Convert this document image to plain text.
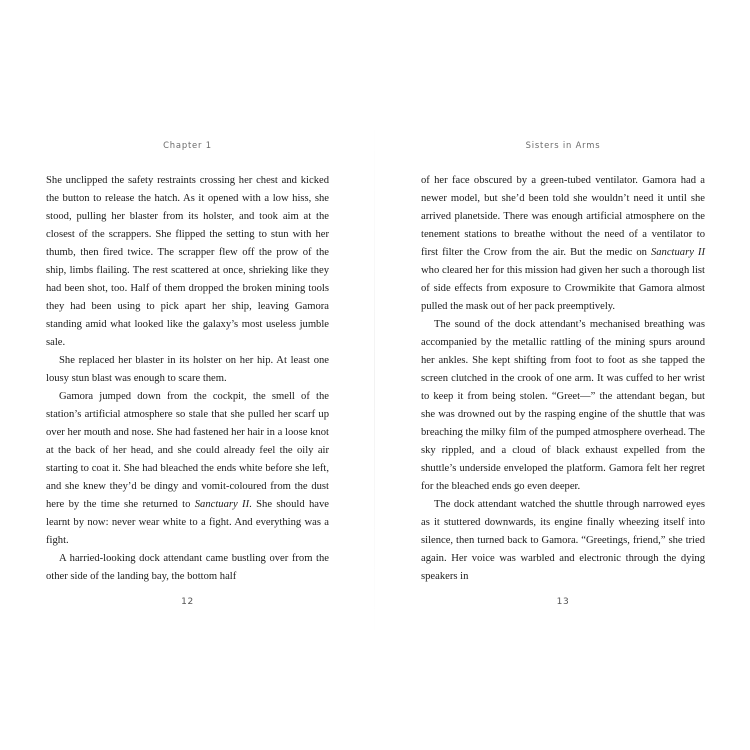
Chapter 1

She unclipped the safety restraints crossing her chest and kicked the button to release the hatch. As it opened with a low hiss, she stood, pulling her blaster from its holster, and took aim at the closest of the scrappers. She flipped the setting to stun with her thumb, then fired twice. The scrapper flew off the prow of the ship, limbs flailing. The rest scattered at once, shrieking like they had been shot, too. Half of them dropped the broken mining tools they had been using to pick apart her ship, leaving Gamora standing amid what looked like the galaxy’s most useless jumble sale.

She replaced her blaster in its holster on her hip. At least one lousy stun blast was enough to scare them.

Gamora jumped down from the cockpit, the smell of the station’s artificial atmosphere so stale that she pulled her scarf up over her mouth and nose. She had fastened her hair in a loose knot at the back of her head, and she could already feel the oily air starting to coat it. She had bleached the ends white before she left, and she knew they’d be dingy and vomit-coloured from the dust here by the time she returned to Sanctuary II. She should have learnt by now: never wear white to a fight. And everything was a fight.

A harried-looking dock attendant came bustling over from the other side of the landing bay, the bottom half

12
Sisters in Arms

of her face obscured by a green-tubed ventilator. Gamora had a newer model, but she’d been told she wouldn’t need it until she arrived planetside. There was enough artificial atmosphere on the tenement stations to breathe without the need of a ventilator to first filter the Crow from the air. But the medic on Sanctuary II who cleared her for this mission had given her such a thorough list of side effects from exposure to Crowmikite that Gamora almost pulled the mask out of her pack preemptively.

The sound of the dock attendant’s mechanised breathing was accompanied by the metallic rattling of the mining spurs around her ankles. She kept shifting from foot to foot as she tapped the screen clutched in the crook of one arm. It was cuffed to her wrist to keep it from being stolen. “Greet—” the attendant began, but she was drowned out by the rasping engine of the shuttle that was breaching the milky film of the pumped atmosphere overhead. The sky rippled, and a cloud of black exhaust expelled from the shuttle’s underside enveloped the platform. Gamora felt her regret for the bleached ends go even deeper.

The dock attendant watched the shuttle through narrowed eyes as it stuttered downwards, its engine finally wheezing itself into silence, then turned back to Gamora. “Greetings, friend,” she tried again. Her voice was warbled and electronic through the dying speakers in

13
